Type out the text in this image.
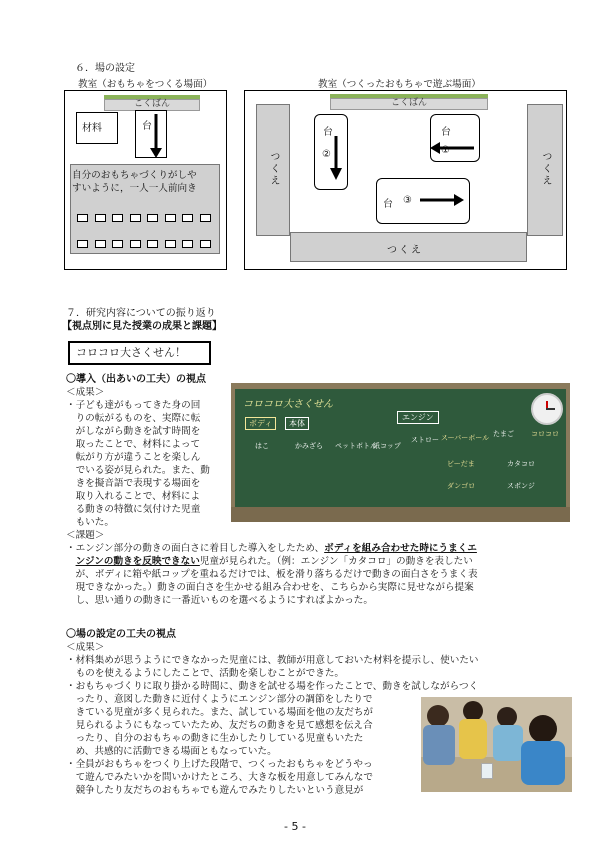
６．場の設定
教室（おもちゃをつくる場面）	教室（つくったおもちゃで遊ぶ場面）
こくばん
材料	台
自分のおもちゃづくりがしや
すいように，一人一人前向き
こくばん
つくえ	つくえ
つくえ
台
②
台
①
台 ③
７．研究内容についての振り返り
【視点別に見た授業の成果と課題】
コロコロ大さくせん！
〇導入（出あいの工夫）の視点
＜成果＞
・子ども達がもってきた身の回
　りの転がるものを、実際に転
　がしながら動きを試す時間を
　取ったことで、材料によって
　転がり方が違うことを楽しん
　でいる姿が見られた。また、動
　きを擬音語で表現する場面を
　取り入れることで、材料によ
　る動きの特徴に気付けた児童
　もいた。
コロコロ大さくせん
ボディ	本体
エンジン
はこ	かみざら ペットボトル
紙コップ
ストロー スーパーボール たまご
ビーだま	カタコロ
ダンゴロ	スポンジ
コロコロ
＜課題＞
・エンジン部分の動きの面白さに着目した導入をしたため、ボディを組み合わせた時にうまくエ
　ンジンの動きを反映できない児童が見られた。（例：エンジン「カタコロ」の動きを表したい
　が、ボディに箱や紙コップを重ねるだけでは、板を滑り落ちるだけで動きの面白さをうまく表
　現できなかった。）動きの面白さを生かせる組み合わせを、こちらから実際に見せながら提案
　し、思い通りの動きに一番近いものを選べるようにすればよかった。
〇場の設定の工夫の視点
＜成果＞
・材料集めが思うようにできなかった児童には、教師が用意しておいた材料を提示し、使いたい
　ものを使えるようにしたことで、活動を楽しむことができた。
・おもちゃづくりに取り掛かる時間に、動きを試せる場を作ったことで、動きを試しながらつく
　ったり、意図した動きに近付くようにエンジン部分の調節をしたりで
　きている児童が多く見られた。また、試している場面を他の友だちが
　見られるようにもなっていたため、友だちの動きを見て感想を伝え合
　ったり、自分のおもちゃの動きに生かしたりしている児童もいたた
　め、共感的に活動できる場面ともなっていた。
・全員がおもちゃをつくり上げた段階で、つくったおもちゃをどうやっ
　て遊んでみたいかを問いかけたところ、大きな板を用意してみんなで
　競争したり友だちのおもちゃでも遊んでみたりしたいという意見が
- 5 -
